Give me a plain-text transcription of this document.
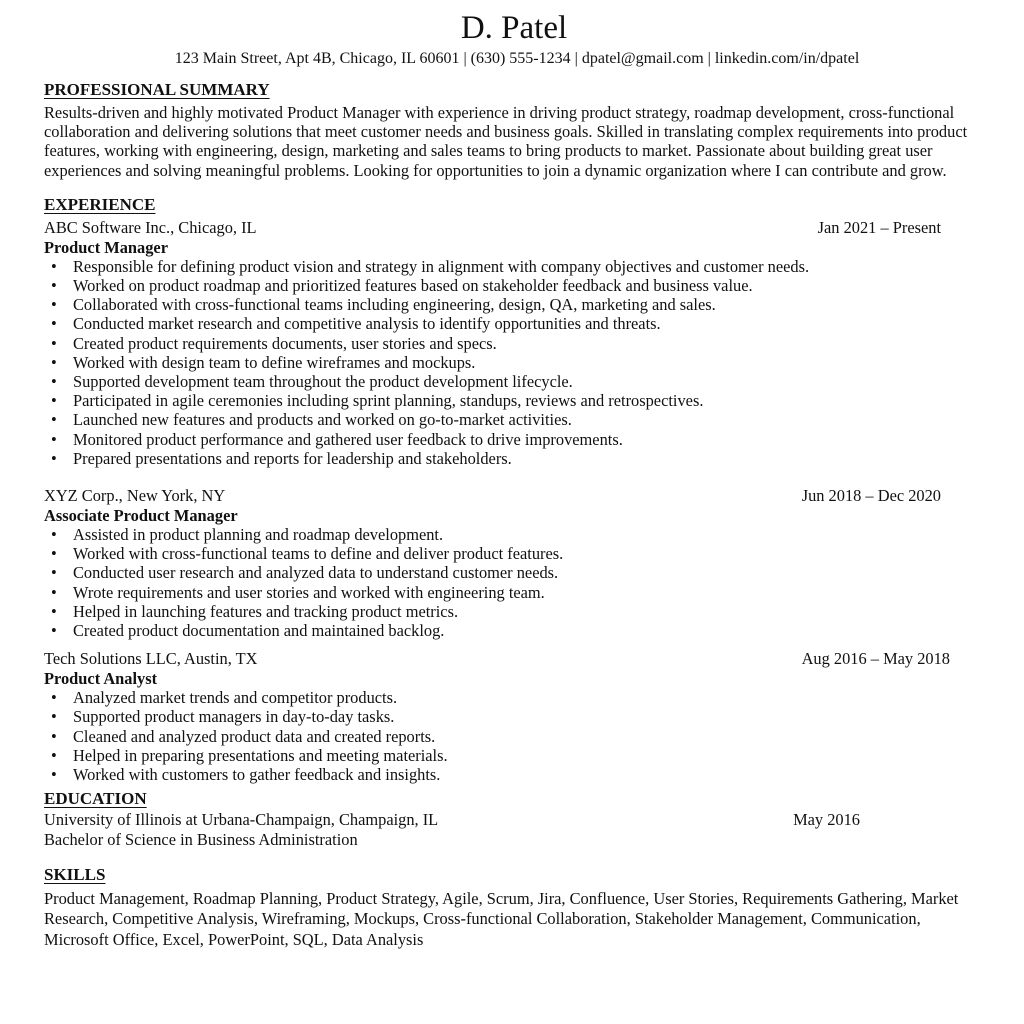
D. Patel
123 Main Street, Apt 4B, Chicago, IL 60601 | (630) 555-1234 | dpatel@gmail.com | linkedin.com/in/dpatel
PROFESSIONAL SUMMARY

Results-driven and highly motivated Product Manager with experience in driving product strategy, roadmap development, cross-functional collaboration and delivering solutions that meet customer needs and business goals. Skilled in translating complex requirements into product features, working with engineering, design, marketing and sales teams to bring products to market. Passionate about building great user experiences and solving meaningful problems. Looking for opportunities to join a dynamic organization where I can contribute and grow.

EXPERIENCE
ABC Software Inc., Chicago, IL	Jan 2021 – Present
Product Manager
• Responsible for defining product vision and strategy in alignment with company objectives and customer needs.
• Worked on product roadmap and prioritized features based on stakeholder feedback and business value.
• Collaborated with cross-functional teams including engineering, design, QA, marketing and sales.
• Conducted market research and competitive analysis to identify opportunities and threats.
• Created product requirements documents, user stories and specs.
• Worked with design team to define wireframes and mockups.
• Supported development team throughout the product development lifecycle.
• Participated in agile ceremonies including sprint planning, standups, reviews and retrospectives.
• Launched new features and products and worked on go-to-market activities.
• Monitored product performance and gathered user feedback to drive improvements.
• Prepared presentations and reports for leadership and stakeholders.
XYZ Corp., New York, NY	Jun 2018 – Dec 2020
Associate Product Manager
• Assisted in product planning and roadmap development.
• Worked with cross-functional teams to define and deliver product features.
• Conducted user research and analyzed data to understand customer needs.
• Wrote requirements and user stories and worked with engineering team.
• Helped in launching features and tracking product metrics.
• Created product documentation and maintained backlog.
Tech Solutions LLC, Austin, TX	Aug 2016 – May 2018
Product Analyst
• Analyzed market trends and competitor products.
• Supported product managers in day-to-day tasks.
• Cleaned and analyzed product data and created reports.
• Helped in preparing presentations and meeting materials.
• Worked with customers to gather feedback and insights.
EDUCATION
University of Illinois at Urbana-Champaign, Champaign, IL	May 2016
Bachelor of Science in Business Administration
SKILLS

Product Management, Roadmap Planning, Product Strategy, Agile, Scrum, Jira, Confluence, User Stories, Requirements Gathering, Market Research, Competitive Analysis, Wireframing, Mockups, Cross-functional Collaboration, Stakeholder Management, Communication, Microsoft Office, Excel, PowerPoint, SQL, Data Analysis
